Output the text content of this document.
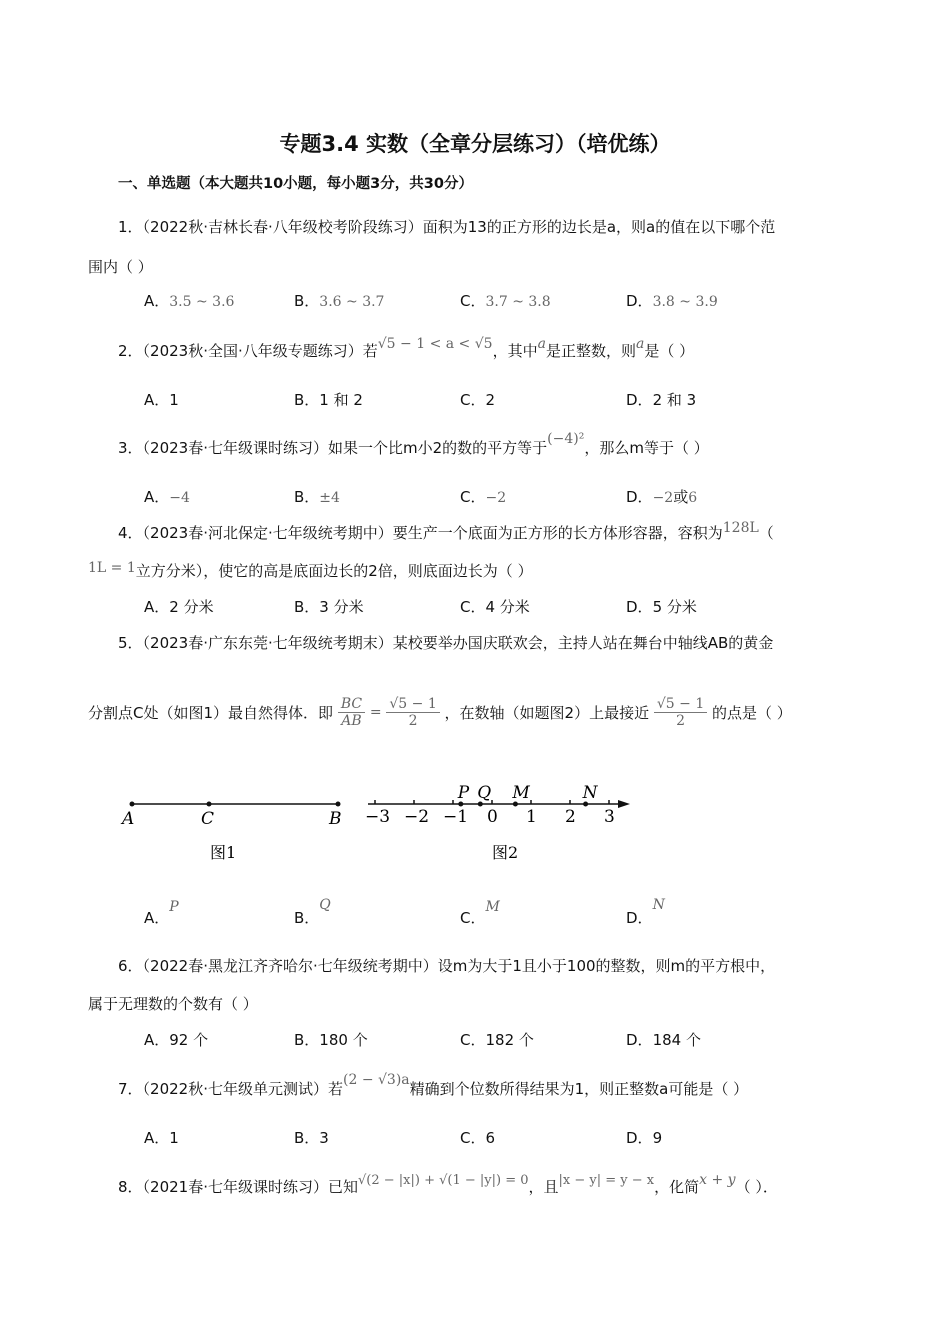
专题3.4 实数（全章分层练习）（培优练）
一、单选题（本大题共10小题，每小题3分，共30分）
1．（2022秋·吉林长春·八年级校考阶段练习）面积为13的正方形的边长是a，则a的值在以下哪个范
围内（ ）
A．3.5 ~ 3.6	B．3.6 ~ 3.7	C．3.7 ~ 3.8	D．3.8 ~ 3.9
2．（2023秋·全国·八年级专题练习）若√5 − 1 < a < √5，其中a是正整数，则a是（ ）
A．1	B．1 和 2	C．2	D．2 和 3
3．（2023春·七年级课时练习）如果一个比m小2的数的平方等于(−4)²，那么m等于（ ）
A．−4	B．±4	C．−2	D．−2或6
4．（2023春·河北保定·七年级统考期中）要生产一个底面为正方形的长方体形容器，容积为128L（
1L = 1立方分米），使它的高是底面边长的2倍，则底面边长为（ ）
A．2 分米	B．3 分米	C．4 分米	D．5 分米
5．（2023春·广东东莞·七年级统考期末）某校要举办国庆联欢会，主持人站在舞台中轴线AB的黄金
分割点C处（如图1）最自然得体．即 $\frac{BC}{AB} = \frac{√5 - 1}{2}$ ，在数轴（如题图2）上最接近 $\frac{√5 - 1}{2}$ 的点是（ ）
A	C	B
图1
−3 −2 −1 0 1 2 3
P Q M	N
图2
A．P
B．Q
C．M
D．N
6．（2022春·黑龙江齐齐哈尔·七年级统考期中）设m为大于1且小于100的整数，则m的平方根中，
属于无理数的个数有（ ）
A．92 个	B．180 个	C．182 个	D．184 个
7．（2022秋·七年级单元测试）若(2 − √3)a精确到个位数所得结果为1，则正整数a可能是（ ）
A．1	B．3	C．6	D．9
8．（2021春·七年级课时练习）已知√(2 − |x|) + √(1 − |y|) = 0，且|x − y| = y − x，化简x + y（ ）．
